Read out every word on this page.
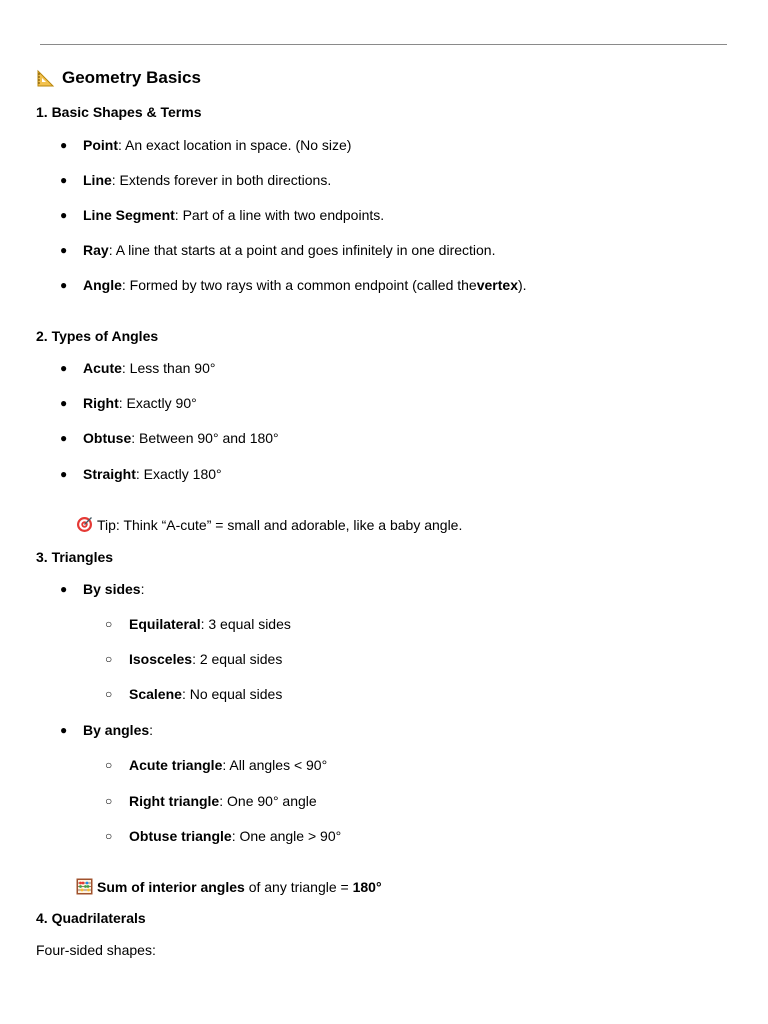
Geometry Basics
1. Basic Shapes & Terms
●	Point : An exact location in space. (No size)
●	Line : Extends forever in both directions.
●	Line Segment : Part of a line with two endpoints.
●	Ray : A line that starts at a point and goes infinitely in one direction.
●	Angle : Formed by two rays with a common endpoint (called the vertex ).
2. Types of Angles
●	Acute : Less than 90°
●	Right : Exactly 90°
●	Obtuse : Between 90° and 180°
●	Straight : Exactly 180°
Tip: Think “A-cute” = small and adorable, like a baby angle.
3. Triangles
●	By sides :
○	Equilateral : 3 equal sides
○	Isosceles : 2 equal sides
○	Scalene : No equal sides
●	By angles :
○	Acute triangle : All angles < 90°
○	Right triangle : One 90° angle
○	Obtuse triangle : One angle > 90°
Sum of interior angles of any triangle = 180°
4. Quadrilaterals
Four-sided shapes:
